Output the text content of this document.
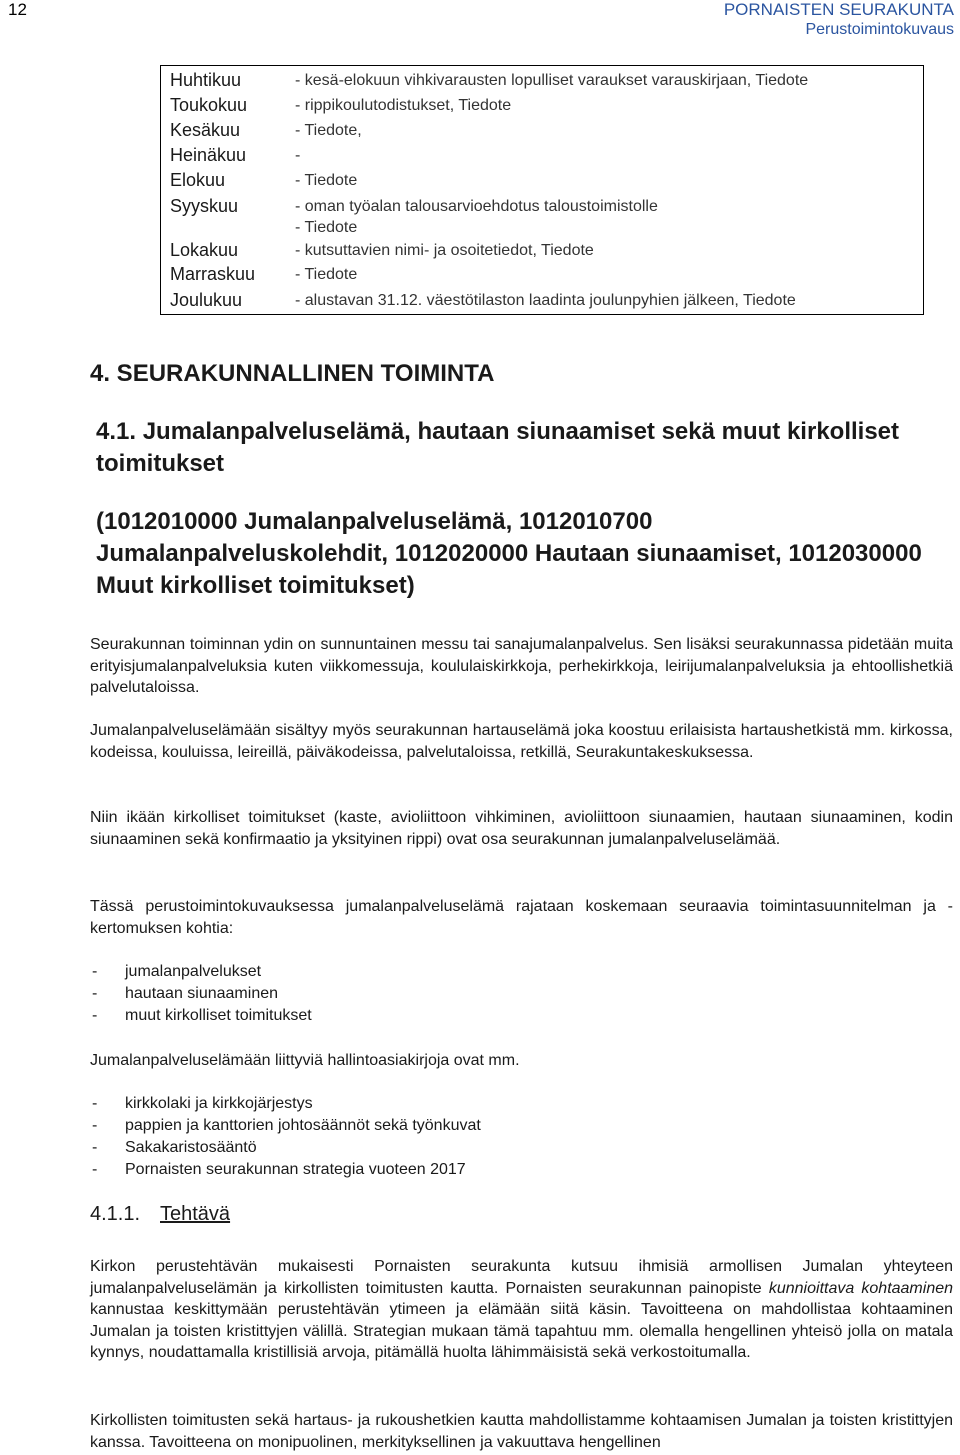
12	PORNAISTEN SEURAKUNTA
Perustoimintokuvaus
Huhtikuu	- kesä-elokuun vihkivarausten lopulliset varaukset varauskirjaan, Tiedote
Toukokuu	- rippikoulutodistukset, Tiedote
Kesäkuu	- Tiedote,
Heinäkuu	-
Elokuu	- Tiedote
Syyskuu	- oman työalan talousarvioehdotus taloustoimistolle
- Tiedote
Lokakuu	- kutsuttavien nimi- ja osoitetiedot, Tiedote
Marraskuu - Tiedote
Joulukuu	- alustavan 31.12. väestötilaston laadinta joulunpyhien jälkeen, Tiedote
4. SEURAKUNNALLINEN TOIMINTA
4.1. Jumalanpalveluselämä, hautaan siunaamiset sekä muut kirkolliset toimitukset
(1012010000 Jumalanpalveluselämä, 1012010700 Jumalanpalveluskolehdit, 1012020000 Hautaan siunaamiset, 1012030000 Muut kirkolliset toimitukset)
Seurakunnan toiminnan ydin on sunnuntainen messu tai sanajumalanpalvelus. Sen lisäksi seurakunnassa pidetään muita erityisjumalanpalveluksia kuten viikkomessuja, koululaiskirkkoja, perhekirkkoja, leirijumalanpalveluksia ja ehtoollishetkiä palvelutaloissa.
Jumalanpalveluselämään sisältyy myös seurakunnan hartauselämä joka koostuu erilaisista hartaushetkistä mm. kirkossa, kodeissa, kouluissa, leireillä, päiväkodeissa, palvelutaloissa, retkillä, Seurakuntakeskuksessa.
Niin ikään kirkolliset toimitukset (kaste, avioliittoon vihkiminen, avioliittoon siunaamien, hautaan siunaaminen, kodin siunaaminen sekä konfirmaatio ja yksityinen rippi) ovat osa seurakunnan jumalanpalveluselämää.
Tässä perustoimintokuvauksessa jumalanpalveluselämä rajataan koskemaan seuraavia toimintasuunnitelman ja -kertomuksen kohtia:
- jumalanpalvelukset
- hautaan siunaaminen
- muut kirkolliset toimitukset
Jumalanpalveluselämään liittyviä hallintoasiakirjoja ovat mm.
- kirkkolaki ja kirkkojärjestys
- pappien ja kanttorien johtosäännöt sekä työnkuvat
- Sakakaristosääntö
- Pornaisten seurakunnan strategia vuoteen 2017
4.1.1. Tehtävä
Kirkon perustehtävän mukaisesti Pornaisten seurakunta kutsuu ihmisiä armollisen Jumalan yhteyteen jumalanpalveluselämän ja kirkollisten toimitusten kautta. Pornaisten seurakunnan painopiste kunnioittava kohtaaminen kannustaa keskittymään perustehtävän ytimeen ja elämään siitä käsin. Tavoitteena on mahdollistaa kohtaaminen Jumalan ja toisten kristittyjen välillä. Strategian mukaan tämä tapahtuu mm. olemalla hengellinen yhteisö jolla on matala kynnys, noudattamalla kristillisiä arvoja, pitämällä huolta lähimmäisistä sekä verkostoitumalla.
Kirkollisten toimitusten sekä hartaus- ja rukoushetkien kautta mahdollistamme kohtaamisen Jumalan ja toisten kristittyjen kanssa. Tavoitteena on monipuolinen, merkityksellinen ja vakuuttava hengellinen
